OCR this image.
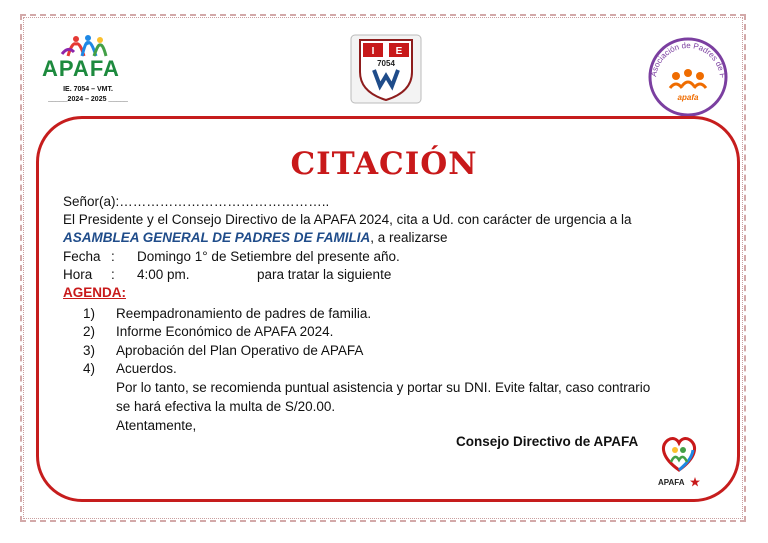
APAFA
IE. 7054 – VMT.
_____2024 – 2025 _____
I E
7054
Asociación de Padres de F
apafa
CITACIÓN
Señor(a):………………………………………..
El Presidente y el Consejo Directivo de la APAFA 2024, cita a Ud. con carácter de urgencia a la
ASAMBLEA GENERAL DE PADRES DE FAMILIA, a realizarse
Fecha : Domingo 1° de Setiembre del presente año.
Hora : 4:00 pm.	para tratar la siguiente
AGENDA:
1) Reempadronamiento de padres de familia.
2) Informe Económico de APAFA 2024.
3) Aprobación del Plan Operativo de APAFA
4) Acuerdos.
Por lo tanto, se recomienda puntual asistencia y portar su DNI. Evite faltar, caso contrario
se hará efectiva la multa de S/20.00.
Atentamente,
Consejo Directivo de APAFA
APAFA
